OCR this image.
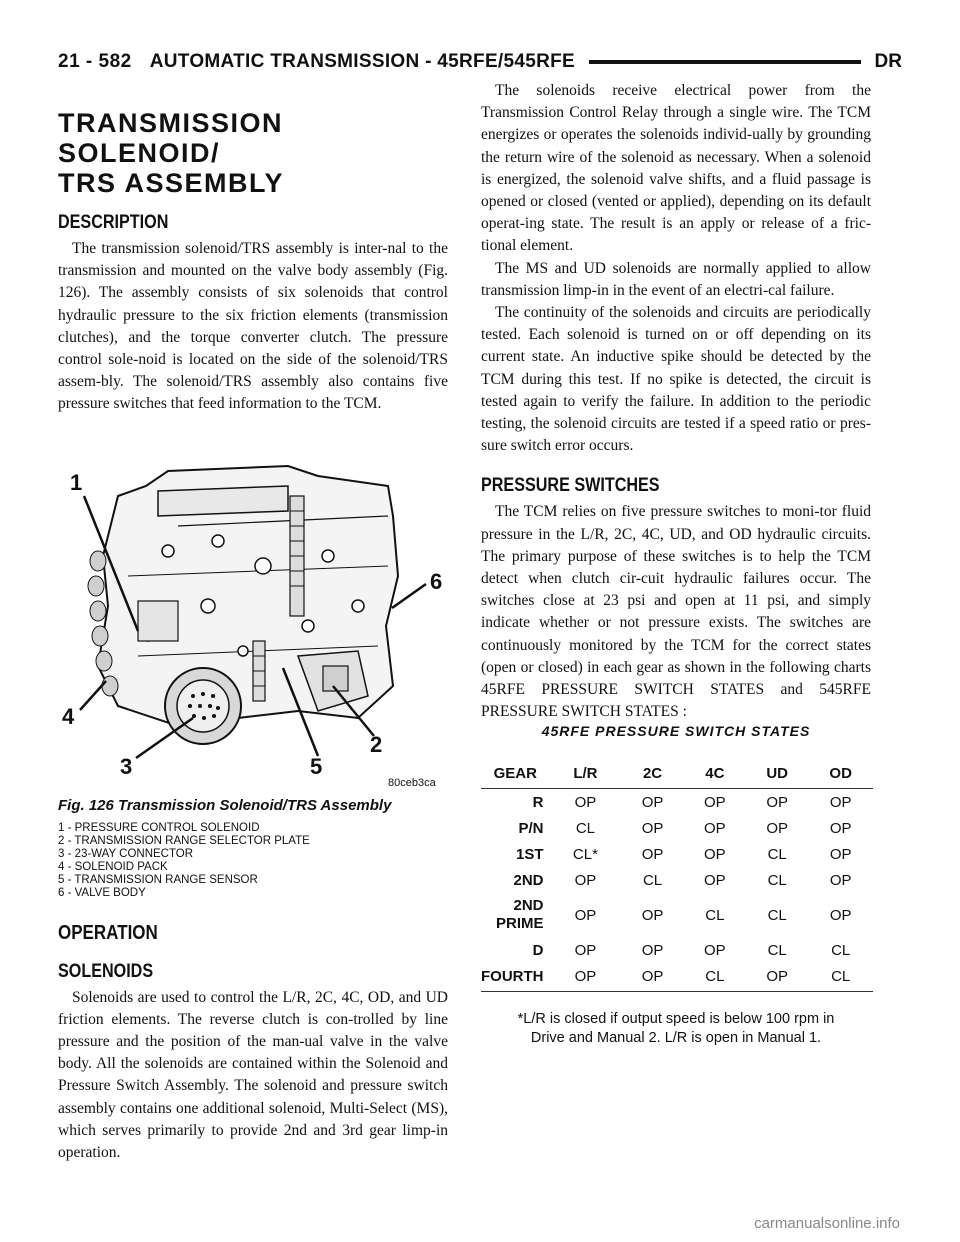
21 - 582 AUTOMATIC TRANSMISSION - 45RFE/545RFE	DR
TRANSMISSION SOLENOID/
TRS ASSEMBLY
DESCRIPTION

The transmission solenoid/TRS assembly is inter-nal to the transmission and mounted on the valve body assembly (Fig. 126). The assembly consists of six solenoids that control hydraulic pressure to the six friction elements (transmission clutches), and the torque converter clutch. The pressure control sole-noid is located on the side of the solenoid/TRS assem-bly. The solenoid/TRS assembly also contains five pressure switches that feed information to the TCM.

1
2
3
4
5
6
80ceb3ca
Fig. 126 Transmission Solenoid/TRS Assembly
1 - PRESSURE CONTROL SOLENOID
2 - TRANSMISSION RANGE SELECTOR PLATE
3 - 23-WAY CONNECTOR
4 - SOLENOID PACK
5 - TRANSMISSION RANGE SENSOR
6 - VALVE BODY
OPERATION
SOLENOIDS

Solenoids are used to control the L/R, 2C, 4C, OD, and UD friction elements. The reverse clutch is con-trolled by line pressure and the position of the man-ual valve in the valve body. All the solenoids are contained within the Solenoid and Pressure Switch Assembly. The solenoid and pressure switch assembly contains one additional solenoid, Multi-Select (MS), which serves primarily to provide 2nd and 3rd gear limp-in operation.

The solenoids receive electrical power from the Transmission Control Relay through a single wire. The TCM energizes or operates the solenoids individ-ually by grounding the return wire of the solenoid as necessary. When a solenoid is energized, the solenoid valve shifts, and a fluid passage is opened or closed (vented or applied), depending on its default operat-ing state. The result is an apply or release of a fric-tional element.

The MS and UD solenoids are normally applied to allow transmission limp-in in the event of an electri-cal failure.

The continuity of the solenoids and circuits are periodically tested. Each solenoid is turned on or off depending on its current state. An inductive spike should be detected by the TCM during this test. If no spike is detected, the circuit is tested again to verify the failure. In addition to the periodic testing, the solenoid circuits are tested if a speed ratio or pres-sure switch error occurs.

PRESSURE SWITCHES

The TCM relies on five pressure switches to moni-tor fluid pressure in the L/R, 2C, 4C, UD, and OD hydraulic circuits. The primary purpose of these switches is to help the TCM detect when clutch cir-cuit hydraulic failures occur. The switches close at 23 psi and open at 11 psi, and simply indicate whether or not pressure exists. The switches are continuously monitored by the TCM for the correct states (open or closed) in each gear as shown in the following charts 45RFE PRESSURE SWITCH STATES and 545RFE PRESSURE SWITCH STATES :

45RFE PRESSURE SWITCH STATES
GEAR	L/R	2C	4C	UD	OD
R	OP	OP	OP	OP	OP
P/N	CL	OP	OP	OP	OP
1ST	CL*	OP	OP	CL	OP
2ND	OP	CL	OP	CL	OP
2ND PRIME	OP	OP	CL	CL	OP
D	OP	OP	OP	CL	CL
FOURTH	OP	OP	CL	OP	CL
*L/R is closed if output speed is below 100 rpm in
Drive and Manual 2. L/R is open in Manual 1.
carmanualsonline.info
